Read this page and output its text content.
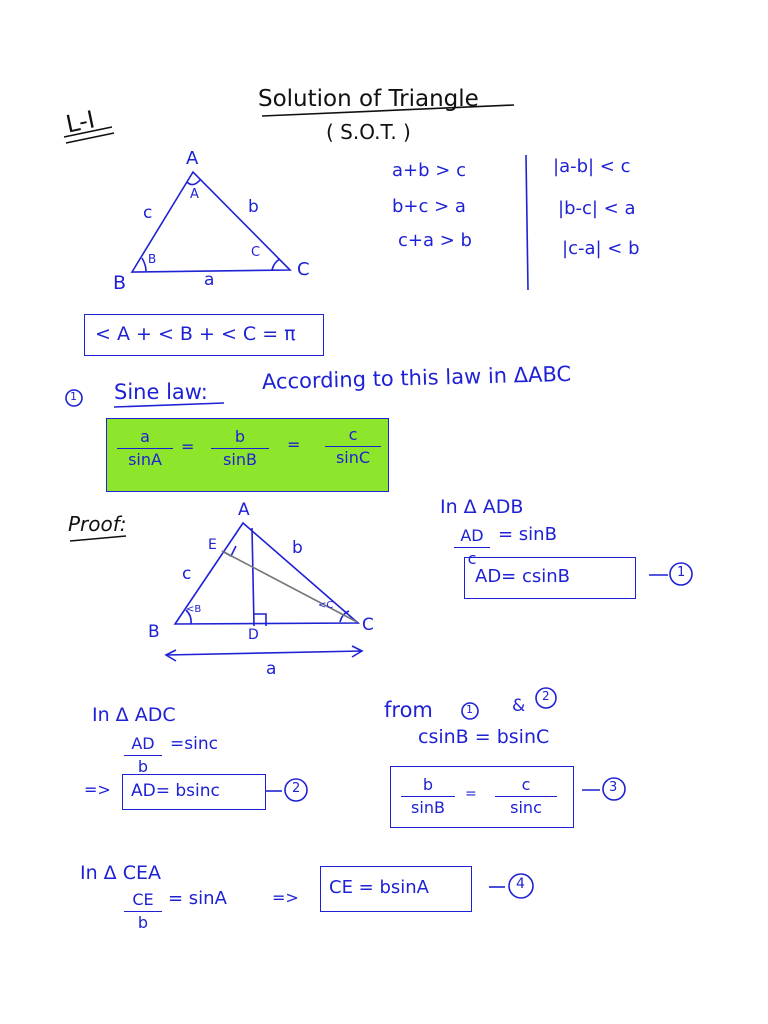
L-I
Solution of Triangle
( S.O.T. )
A
B
C
A
B	C
c	b
a
a+b > c
b+c > a
c+a > b
|a-b| < c
|b-c| < a
|c-a| < b
< A + < B + < C = π
1 Sine law:	According to this law in ΔABC
a
sinA
=
b
sinB
=
c
sinC
Proof:
A
B	C
D
E
c
b
a
<B	<C
In Δ ADB
AD
c
= sinB
AD= csinB	1
In Δ ADC
AD
b
=sinc
=> AD= bsinc	2
from	1 & 2
csinB = bsinC
b
sinB
=	c
sinc
3
In Δ CEA
CE
b
= sinA	=> CE = bsinA	4
